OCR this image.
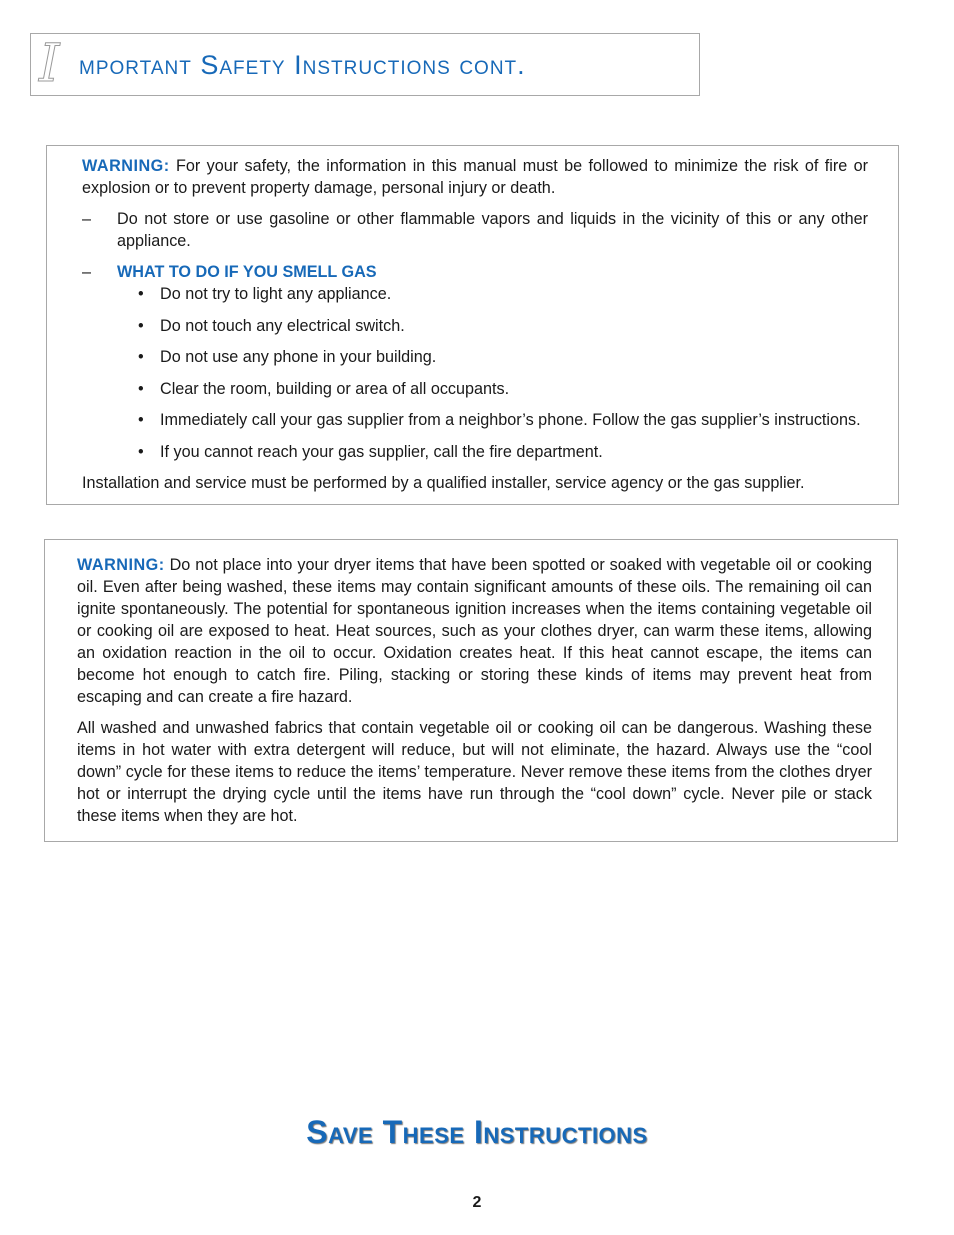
I mportant Safety Instructions cont.

WARNING: For your safety, the information in this manual must be followed to minimize the risk of fire or explosion or to prevent property damage, personal injury or death.

– Do not store or use gasoline or other flammable vapors and liquids in the vicinity of this or any other appliance.

– WHAT TO DO IF YOU SMELL GAS
• Do not try to light any appliance.
• Do not touch any electrical switch.
• Do not use any phone in your building.
• Clear the room, building or area of all occupants.
• Immediately call your gas supplier from a neighbor’s phone. Follow the gas supplier’s instructions.
• If you cannot reach your gas supplier, call the fire department.

Installation and service must be performed by a qualified installer, service agency or the gas supplier.

WARNING: Do not place into your dryer items that have been spotted or soaked with vegetable oil or cooking oil. Even after being washed, these items may contain significant amounts of these oils. The remaining oil can ignite spontaneously. The potential for spontaneous ignition increases when the items containing vegetable oil or cooking oil are exposed to heat. Heat sources, such as your clothes dryer, can warm these items, allowing an oxidation reaction in the oil to occur. Oxidation creates heat. If this heat cannot escape, the items can become hot enough to catch fire. Piling, stacking or storing these kinds of items may prevent heat from escaping and can create a fire hazard.

All washed and unwashed fabrics that contain vegetable oil or cooking oil can be dangerous. Washing these items in hot water with extra detergent will reduce, but will not eliminate, the hazard. Always use the “cool down” cycle for these items to reduce the items’ temperature. Never remove these items from the clothes dryer hot or interrupt the drying cycle until the items have run through the “cool down” cycle. Never pile or stack these items when they are hot.

Save These Instructions
2
